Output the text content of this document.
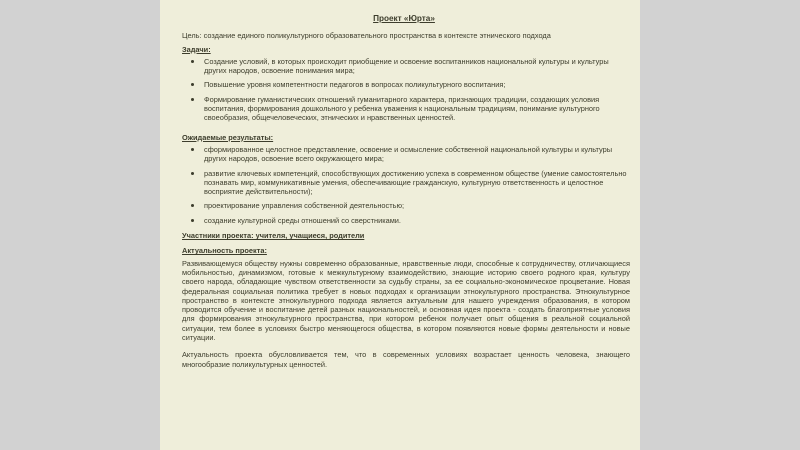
Проект «Юрта»
Цель: создание единого поликультурного образовательного пространства в контексте этнического подхода
Задачи:
Создание условий, в которых происходит приобщение и освоение воспитанников национальной культуры и культуры других народов, освоение понимания мира;
Повышение уровня компетентности педагогов в вопросах поликультурного воспитания;
Формирование гуманистических отношений гуманитарного характера, признающих традиции, создающих условия воспитания, формирования дошкольного у ребенка уважения к национальным традициям, понимание культурного своеобразия, общечеловеческих, этнических и нравственных ценностей.
Ожидаемые результаты:
сформированное целостное представление, освоение и осмысление собственной национальной культуры и культуры других народов, освоение всего окружающего мира;
развитие ключевых компетенций, способствующих достижению успеха в современном обществе (умение самостоятельно познавать мир, коммуникативные умения, обеспечивающие гражданскую, культурную ответственность и целостное восприятие действительности);
проектирование управления собственной деятельностью;
создание культурной среды отношений со сверстниками.
Участники проекта: учителя, учащиеся, родители
Актуальность проекта:
Развивающемуся обществу нужны современно образованные, нравственные люди, способные к сотрудничеству, отличающиеся мобильностью, динамизмом, готовые к межкультурному взаимодействию, знающие историю своего родного края, культуру своего народа, обладающие чувством ответственности за судьбу страны, за ее социально-экономическое процветание. Новая федеральная социальная политика требует в новых подходах к организации этнокультурного пространства. Этнокультурное пространство в контексте этнокультурного подхода является актуальным для нашего учреждения образования, в котором проводится обучение и воспитание детей разных национальностей, и основная идея проекта - создать благоприятные условия для формирования этнокультурного пространства, при котором ребенок получает опыт общения в реальной социальной ситуации, тем более в условиях быстро меняющегося общества, в котором появляются новые формы деятельности и новые ситуации.
Актуальность проекта обусловливается тем, что в современных условиях возрастает ценность человека, знающего многообразие поликультурных ценностей.
